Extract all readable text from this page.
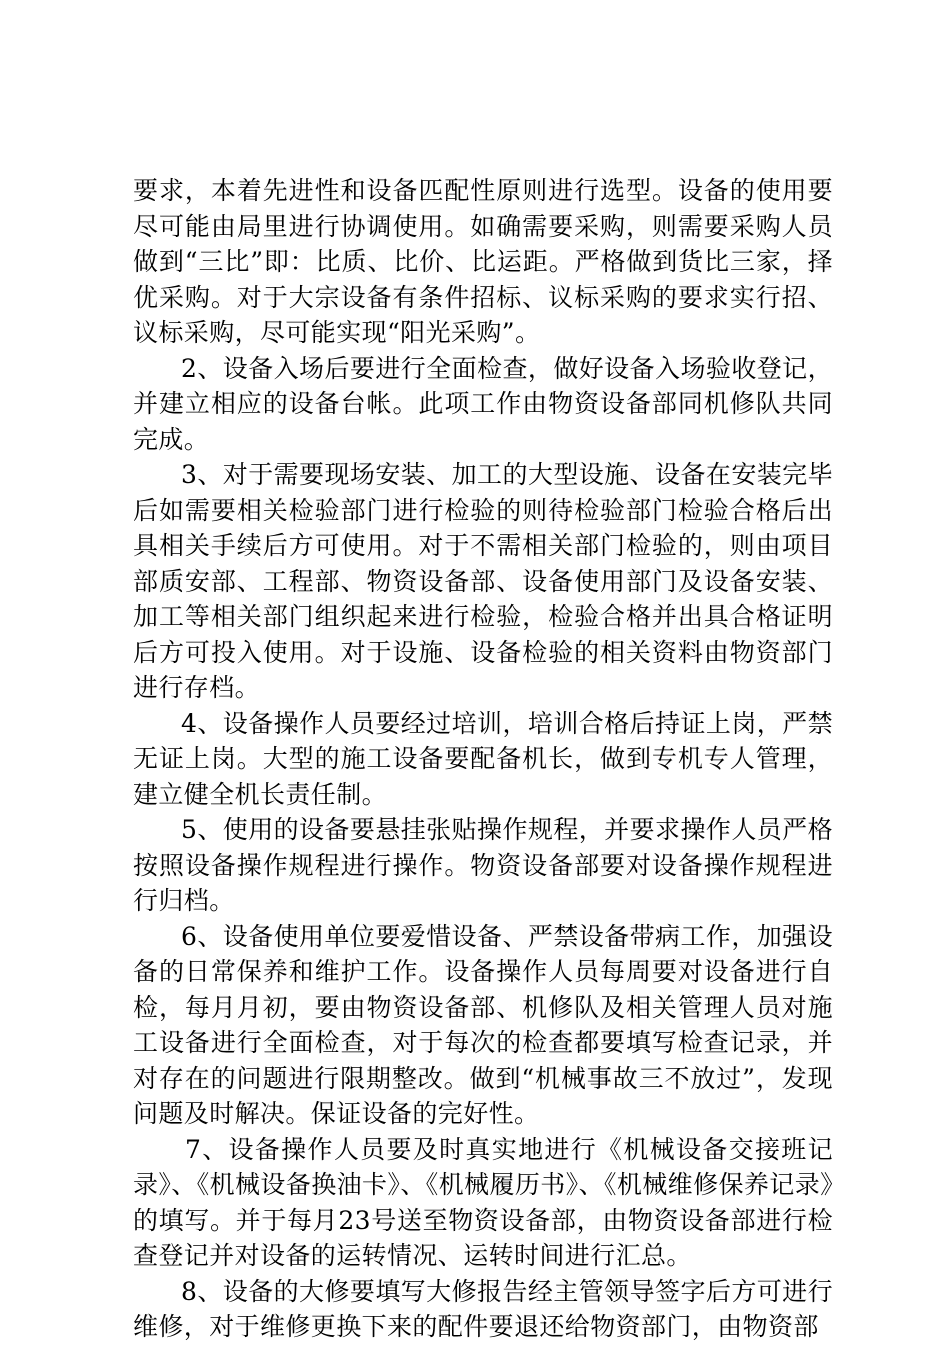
要求，本着先进性和设备匹配性原则进行选型。设备的使用要尽可能由局里进行协调使用。如确需要采购，则需要采购人员做到“三比”即：比质、比价、比运距。严格做到货比三家，择优采购。对于大宗设备有条件招标、议标采购的要求实行招、议标采购，尽可能实现“阳光采购”。

2、设备入场后要进行全面检查，做好设备入场验收登记，并建立相应的设备台帐。此项工作由物资设备部同机修队共同完成。

3、对于需要现场安装、加工的大型设施、设备在安装完毕后如需要相关检验部门进行检验的则待检验部门检验合格后出具相关手续后方可使用。对于不需相关部门检验的，则由项目部质安部、工程部、物资设备部、设备使用部门及设备安装、加工等相关部门组织起来进行检验，检验合格并出具合格证明后方可投入使用。对于设施、设备检验的相关资料由物资部门进行存档。

4、设备操作人员要经过培训，培训合格后持证上岗，严禁无证上岗。大型的施工设备要配备机长，做到专机专人管理，建立健全机长责任制。

5、使用的设备要悬挂张贴操作规程，并要求操作人员严格按照设备操作规程进行操作。物资设备部要对设备操作规程进行归档。

6、设备使用单位要爱惜设备、严禁设备带病工作，加强设备的日常保养和维护工作。设备操作人员每周要对设备进行自检，每月月初，要由物资设备部、机修队及相关管理人员对施工设备进行全面检查，对于每次的检查都要填写检查记录，并对存在的问题进行限期整改。做到“机械事故三不放过”，发现问题及时解决。保证设备的完好性。

7、设备操作人员要及时真实地进行《机械设备交接班记录》、《机械设备换油卡》、《机械履历书》、《机械维修保养记录》的填写。并于每月23号送至物资设备部，由物资设备部进行检查登记并对设备的运转情况、运转时间进行汇总。

8、设备的大修要填写大修报告经主管领导签字后方可进行维修，对于维修更换下来的配件要退还给物资部门，由物资部
